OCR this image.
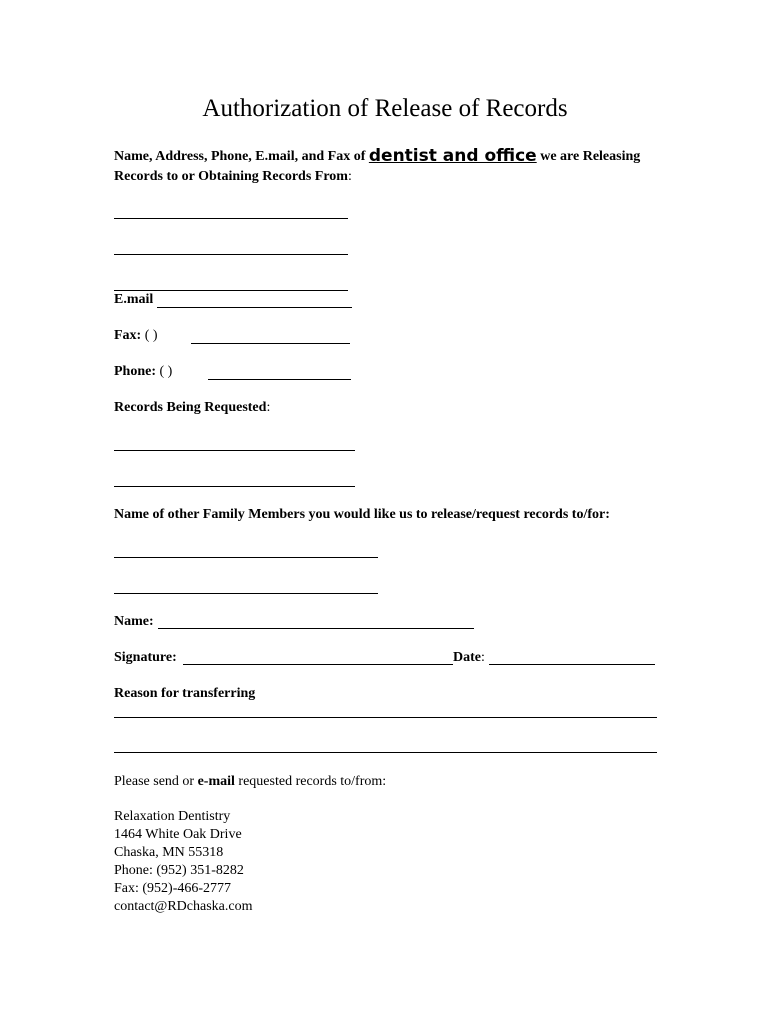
Authorization of Release of Records
Name, Address, Phone, E.mail, and Fax of dentist and office we are Releasing
Records to or Obtaining Records From:
E.mail
Fax: ( )
Phone: ( )
Records Being Requested:
Name of other Family Members you would like us to release/request records to/for:
Name:
Signature:	Date:
Reason for transferring
Please send or e-mail requested records to/from:
Relaxation Dentistry
1464 White Oak Drive
Chaska, MN 55318
Phone: (952) 351-8282
Fax: (952)-466-2777
contact@RDchaska.com
